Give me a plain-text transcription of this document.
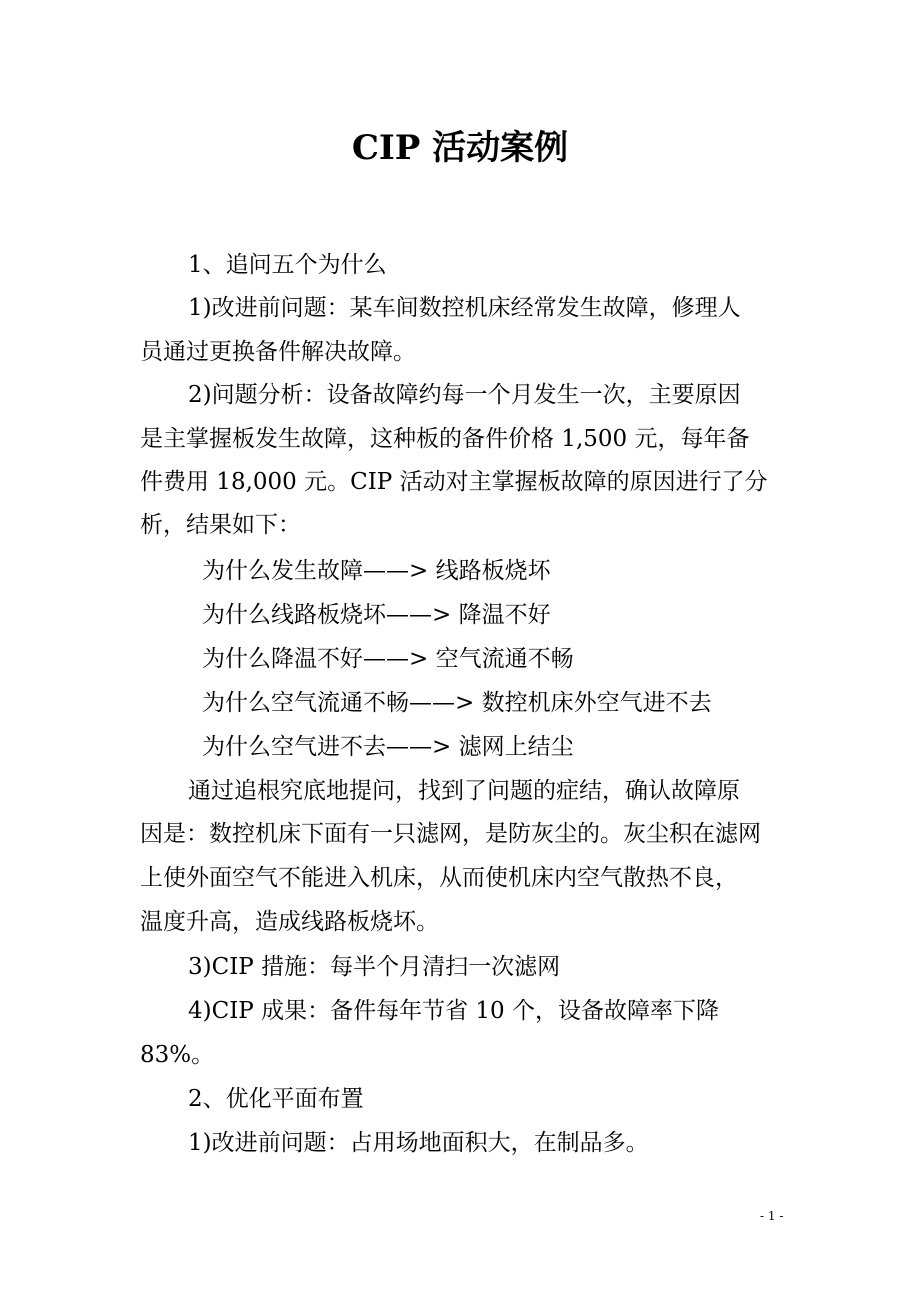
CIP 活动案例
1、追问五个为什么
1)改进前问题：某车间数控机床经常发生故障，修理人
员通过更换备件解决故障。
2)问题分析：设备故障约每一个月发生一次，主要原因
是主掌握板发生故障，这种板的备件价格 1,500 元，每年备
件费用 18,000 元。CIP 活动对主掌握板故障的原因进行了分
析，结果如下：
为什么发生故障——> 线路板烧坏
为什么线路板烧坏——> 降温不好
为什么降温不好——> 空气流通不畅
为什么空气流通不畅——> 数控机床外空气进不去
为什么空气进不去——> 滤网上结尘
通过追根究底地提问，找到了问题的症结，确认故障原
因是：数控机床下面有一只滤网，是防灰尘的。灰尘积在滤网
上使外面空气不能进入机床，从而使机床内空气散热不良，
温度升高，造成线路板烧坏。
3)CIP 措施：每半个月清扫一次滤网
4)CIP 成果：备件每年节省 10 个，设备故障率下降
83%。
2、优化平面布置
1)改进前问题：占用场地面积大，在制品多。
- 1 -
